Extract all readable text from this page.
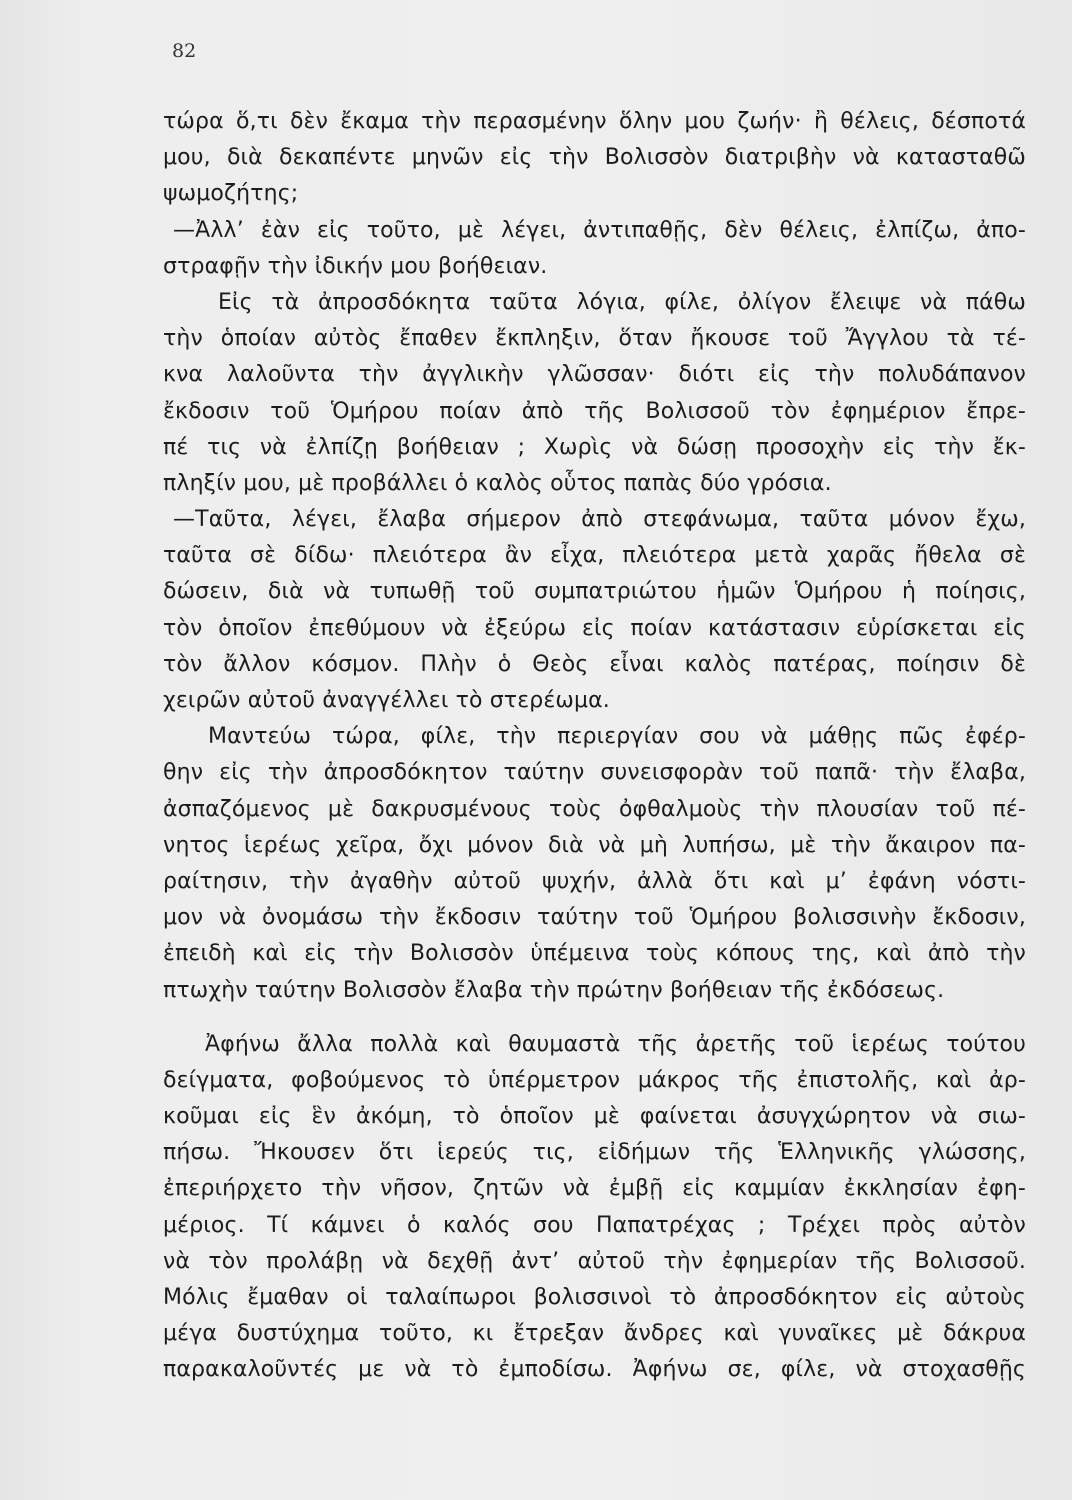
82
τώρα ὅ,τι δὲν ἔκαμα τὴν περασμένην ὅλην μου ζωήν· ἢ θέλεις, δέσποτά
μου, διὰ δεκαπέντε μηνῶν εἰς τὴν Βολισσὸν διατριβὴν νὰ κατασταθῶ
ψωμοζήτης;
—Ἀλλ’ ἐὰν εἰς τοῦτο, μὲ λέγει, ἀντιπαθῇς, δὲν θέλεις, ἐλπίζω, ἀπο-
στραφῇν τὴν ἰδικήν μου βοήθειαν.
Εἰς τὰ ἀπροσδόκητα ταῦτα λόγια, φίλε, ὀλίγον ἔλειψε νὰ πάθω
τὴν ὁποίαν αὐτὸς ἔπαθεν ἔκπληξιν, ὅταν ἤκουσε τοῦ Ἄγγλου τὰ τέ-
κνα λαλοῦντα τὴν ἀγγλικὴν γλῶσσαν· διότι εἰς τὴν πολυδάπανον
ἔκδοσιν τοῦ Ὁμήρου ποίαν ἀπὸ τῆς Βολισσοῦ τὸν ἐφημέριον ἔπρε-
πέ τις νὰ ἐλπίζῃ βοήθειαν ; Χωρὶς νὰ δώσῃ προσοχὴν εἰς τὴν ἔκ-
πληξίν μου, μὲ προβάλλει ὁ καλὸς οὗτος παπὰς δύο γρόσια.
—Ταῦτα, λέγει, ἔλαβα σήμερον ἀπὸ στεφάνωμα, ταῦτα μόνον ἔχω,
ταῦτα σὲ δίδω· πλειότερα ἂν εἶχα, πλειότερα μετὰ χαρᾶς ἤθελα σὲ
δώσειν, διὰ νὰ τυπωθῇ τοῦ συμπατριώτου ἡμῶν Ὁμήρου ἡ ποίησις,
τὸν ὁποῖον ἐπεθύμουν νὰ ἐξεύρω εἰς ποίαν κατάστασιν εὑρίσκεται εἰς
τὸν ἄλλον κόσμον. Πλὴν ὁ Θεὸς εἶναι καλὸς πατέρας, ποίησιν δὲ
χειρῶν αὐτοῦ ἀναγγέλλει τὸ στερέωμα.
Μαντεύω τώρα, φίλε, τὴν περιεργίαν σου νὰ μάθῃς πῶς ἐφέρ-
θην εἰς τὴν ἀπροσδόκητον ταύτην συνεισφορὰν τοῦ παπᾶ· τὴν ἔλαβα,
ἀσπαζόμενος μὲ δακρυσμένους τοὺς ὀφθαλμοὺς τὴν πλουσίαν τοῦ πέ-
νητος ἱερέως χεῖρα, ὄχι μόνον διὰ νὰ μὴ λυπήσω, μὲ τὴν ἄκαιρον πα-
ραίτησιν, τὴν ἀγαθὴν αὐτοῦ ψυχήν, ἀλλὰ ὅτι καὶ μ’ ἐφάνη νόστι-
μον νὰ ὀνομάσω τὴν ἔκδοσιν ταύτην τοῦ Ὁμήρου βολισσινὴν ἔκδοσιν,
ἐπειδὴ καὶ εἰς τὴν Βολισσὸν ὑπέμεινα τοὺς κόπους της, καὶ ἀπὸ τὴν
πτωχὴν ταύτην Βολισσὸν ἔλαβα τὴν πρώτην βοήθειαν τῆς ἐκδόσεως.
Ἀφήνω ἄλλα πολλὰ καὶ θαυμαστὰ τῆς ἀρετῆς τοῦ ἱερέως τούτου
δείγματα, φοβούμενος τὸ ὑπέρμετρον μάκρος τῆς ἐπιστολῆς, καὶ ἀρ-
κοῦμαι εἰς ἓν ἀκόμη, τὸ ὁποῖον μὲ φαίνεται ἀσυγχώρητον νὰ σιω-
πήσω. Ἤκουσεν ὅτι ἱερεύς τις, εἰδήμων τῆς Ἑλληνικῆς γλώσσης,
ἐπεριήρχετο τὴν νῆσον, ζητῶν νὰ ἐμβῇ εἰς καμμίαν ἐκκλησίαν ἐφη-
μέριος. Τί κάμνει ὁ καλός σου Παπατρέχας ; Τρέχει πρὸς αὐτὸν
νὰ τὸν προλάβῃ νὰ δεχθῇ ἀντ’ αὐτοῦ τὴν ἐφημερίαν τῆς Βολισσοῦ.
Μόλις ἔμαθαν οἱ ταλαίπωροι βολισσινοὶ τὸ ἀπροσδόκητον εἰς αὐτοὺς
μέγα δυστύχημα τοῦτο, κι ἔτρεξαν ἄνδρες καὶ γυναῖκες μὲ δάκρυα
παρακαλοῦντές με νὰ τὸ ἐμποδίσω. Ἀφήνω σε, φίλε, νὰ στοχασθῇς
